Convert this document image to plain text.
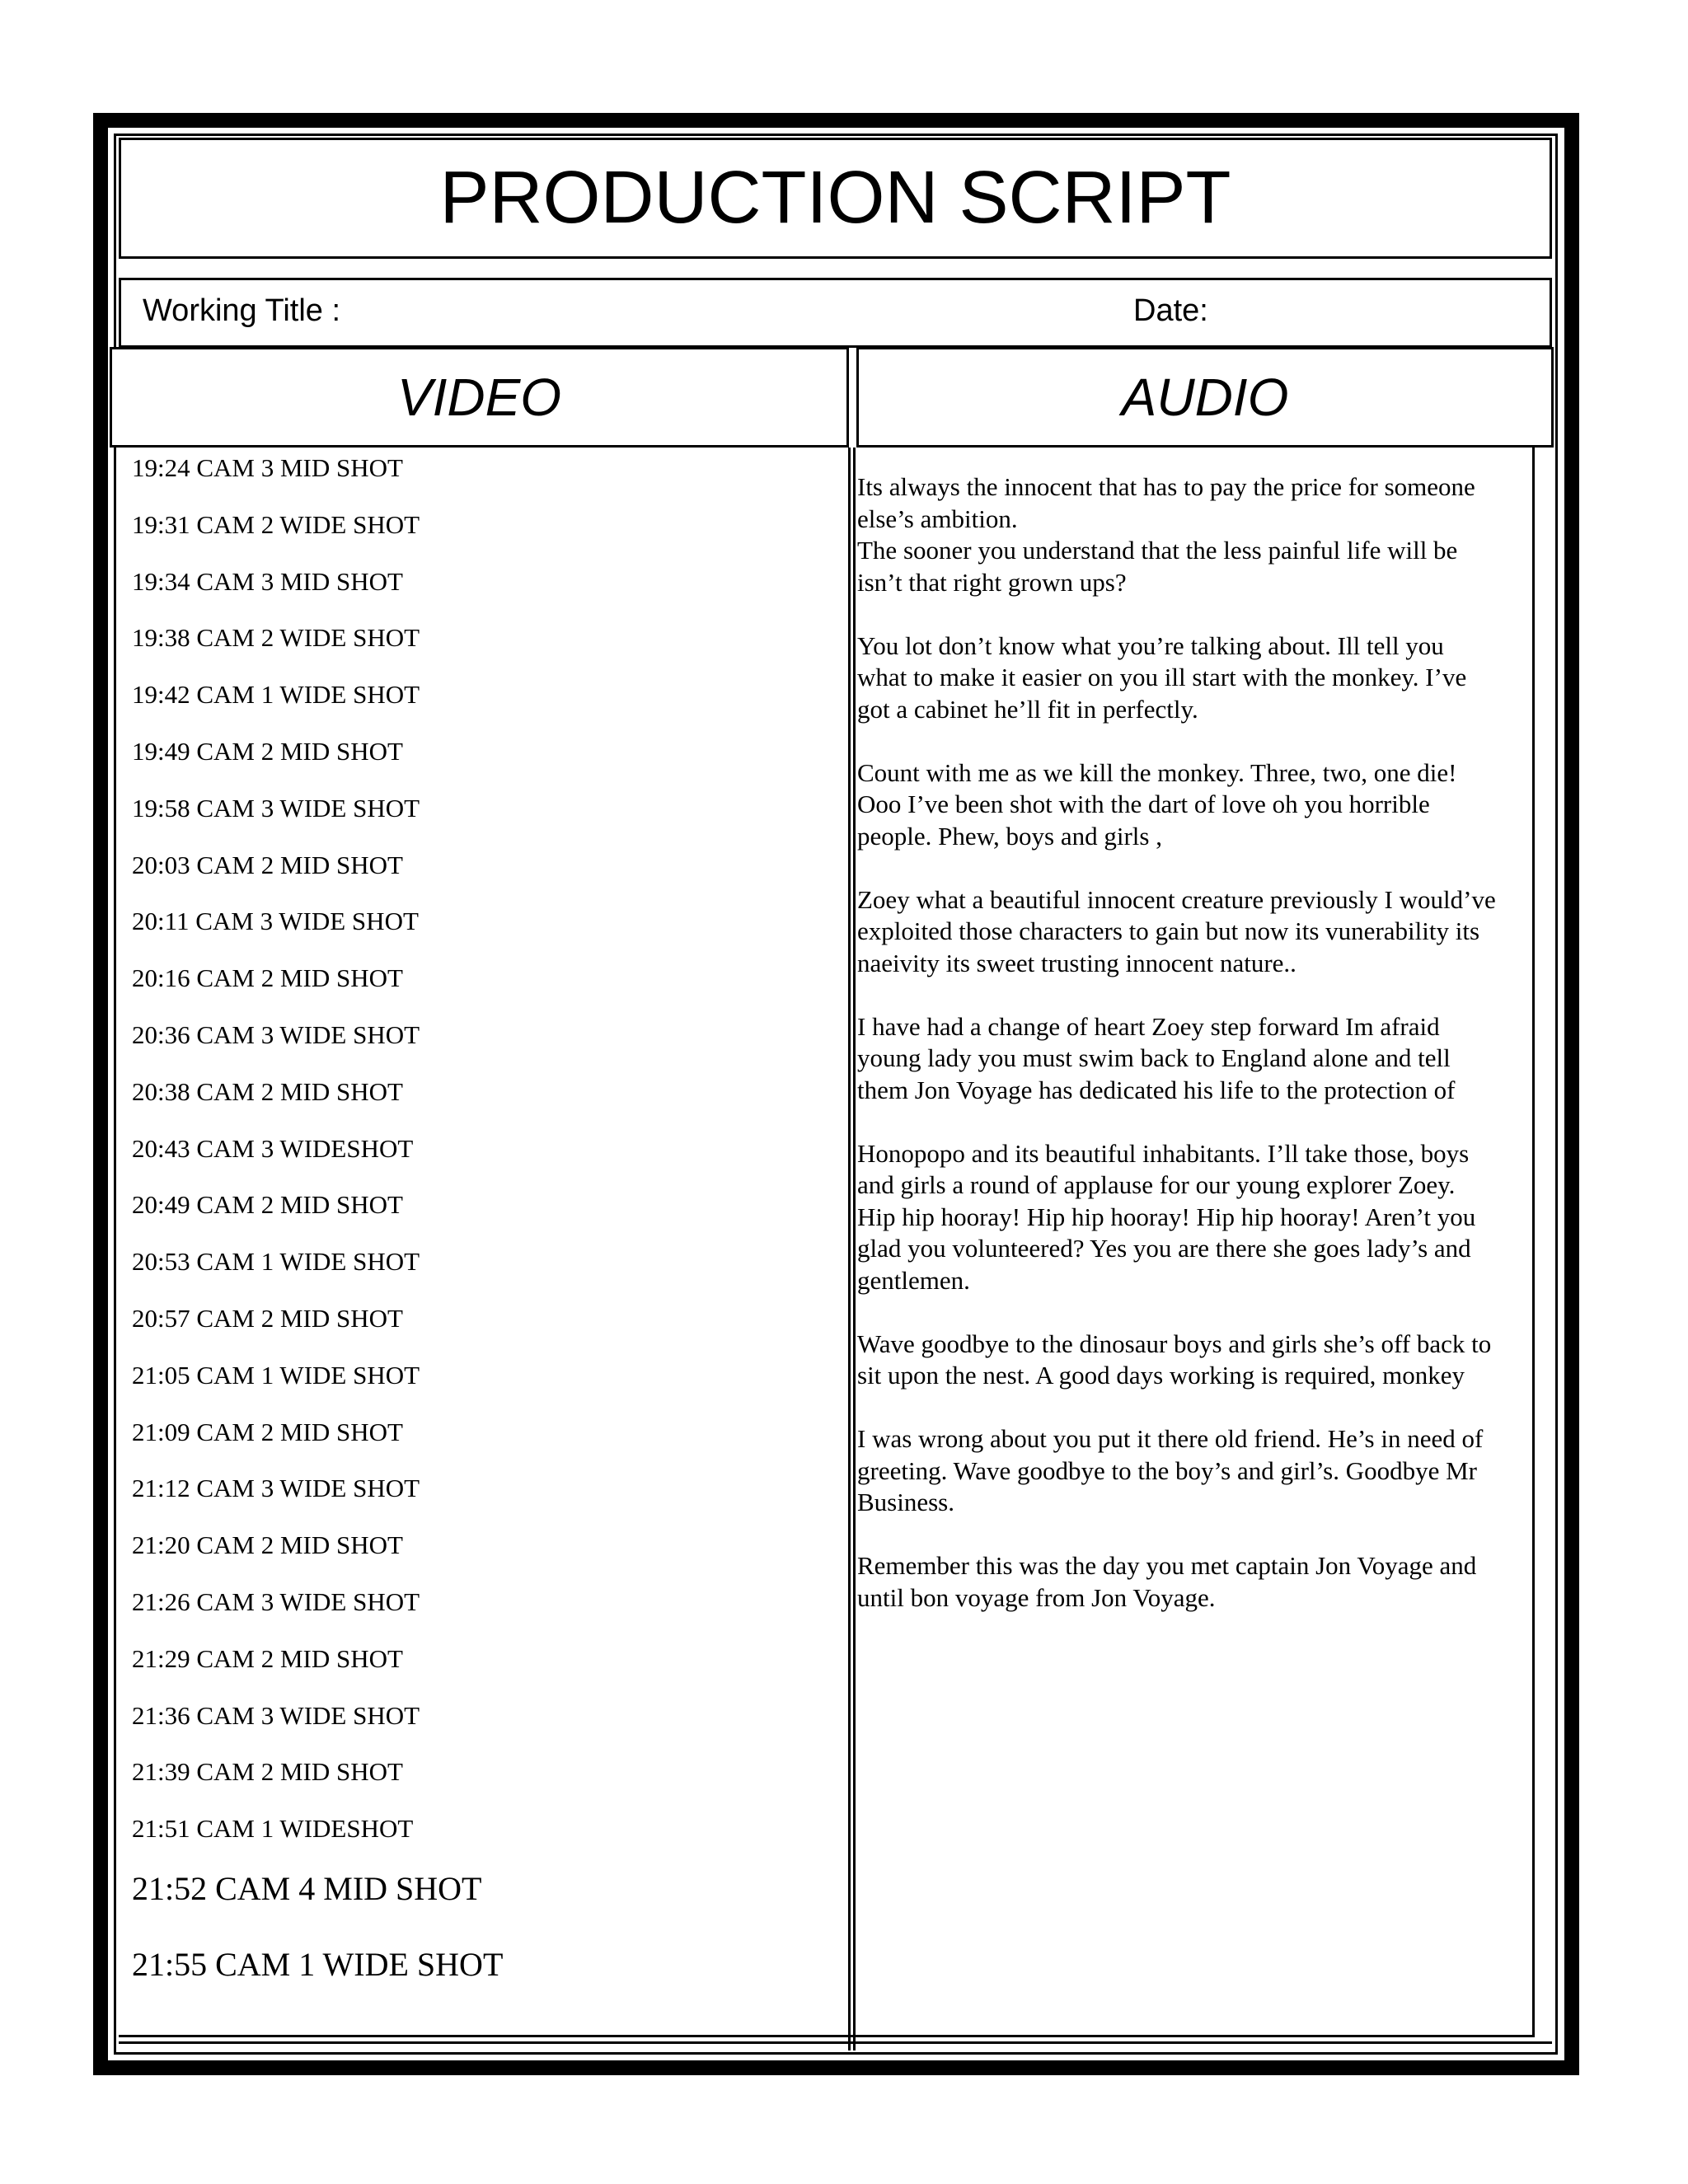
PRODUCTION SCRIPT
Working Title :	Date:
VIDEO	AUDIO
19:24 CAM 3 MID SHOT
19:31 CAM 2 WIDE SHOT
19:34 CAM 3 MID SHOT
19:38 CAM 2 WIDE SHOT
19:42 CAM 1 WIDE SHOT
19:49 CAM 2 MID SHOT
19:58 CAM 3 WIDE SHOT
20:03 CAM 2 MID SHOT
20:11 CAM 3 WIDE SHOT
20:16 CAM 2 MID SHOT
20:36 CAM 3 WIDE SHOT
20:38 CAM 2 MID SHOT
20:43 CAM 3 WIDESHOT
20:49 CAM 2 MID SHOT
20:53 CAM 1 WIDE SHOT
20:57 CAM 2 MID SHOT
21:05 CAM 1 WIDE SHOT
21:09 CAM 2 MID SHOT
21:12 CAM 3 WIDE SHOT
21:20 CAM 2 MID SHOT
21:26 CAM 3 WIDE SHOT
21:29 CAM 2 MID SHOT
21:36 CAM 3 WIDE SHOT
21:39 CAM 2 MID SHOT
21:51 CAM 1 WIDESHOT
21:52 CAM 4 MID SHOT
21:55 CAM 1 WIDE SHOT

Its always the innocent that has to pay the price for someone
else’s ambition.
The sooner you understand that the less painful life will be
isn’t that right grown ups?

You lot don’t know what you’re talking about. Ill tell you
what to make it easier on you ill start with the monkey. I’ve
got a cabinet he’ll fit in perfectly.

Count with me as we kill the monkey. Three, two, one die!
Ooo I’ve been shot with the dart of love oh you horrible
people. Phew, boys and girls ,

Zoey what a beautiful innocent creature previously I would’ve
exploited those characters to gain but now its vunerability its
naeivity its sweet trusting innocent nature..

I have had a change of heart Zoey step forward Im afraid
young lady you must swim back to England alone and tell
them Jon Voyage has dedicated his life to the protection of

Honopopo and its beautiful inhabitants. I’ll take those, boys
and girls a round of applause for our young explorer Zoey.
Hip hip hooray! Hip hip hooray! Hip hip hooray! Aren’t you
glad you volunteered? Yes you are there she goes lady’s and
gentlemen.

Wave goodbye to the dinosaur boys and girls she’s off back to
sit upon the nest. A good days working is required, monkey

I was wrong about you put it there old friend. He’s in need of
greeting. Wave goodbye to the boy’s and girl’s. Goodbye Mr
Business.

Remember this was the day you met captain Jon Voyage and
until bon voyage from Jon Voyage.
